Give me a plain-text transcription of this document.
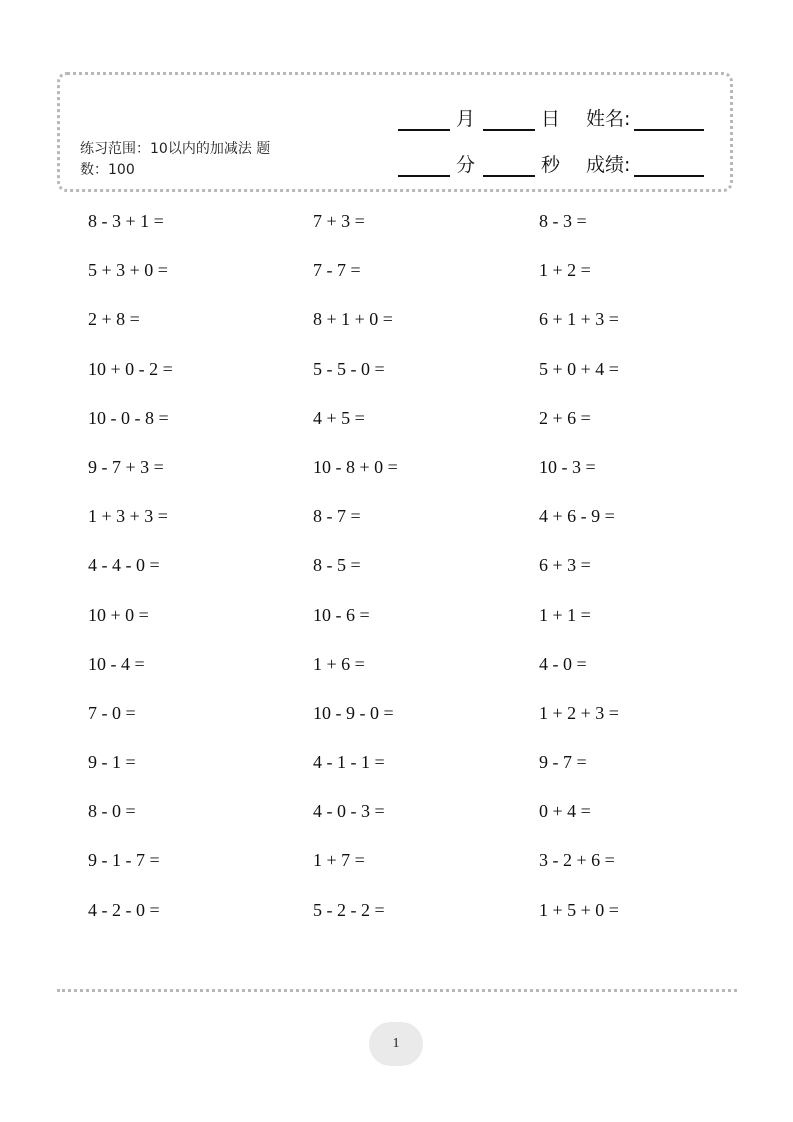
练习范围：10以内的加减法 题
数：100
月	日 姓名:
分	秒 成绩:
8 - 3 + 1 =	7 + 3 =	8 - 3 =
5 + 3 + 0 =	7 - 7 =	1 + 2 =
2 + 8 =	8 + 1 + 0 =	6 + 1 + 3 =
10 + 0 - 2 =	5 - 5 - 0 =	5 + 0 + 4 =
10 - 0 - 8 =	4 + 5 =	2 + 6 =
9 - 7 + 3 =	10 - 8 + 0 =	10 - 3 =
1 + 3 + 3 =	8 - 7 =	4 + 6 - 9 =
4 - 4 - 0 =	8 - 5 =	6 + 3 =
10 + 0 =	10 - 6 =	1 + 1 =
10 - 4 =	1 + 6 =	4 - 0 =
7 - 0 =	10 - 9 - 0 =	1 + 2 + 3 =
9 - 1 =	4 - 1 - 1 =	9 - 7 =
8 - 0 =	4 - 0 - 3 =	0 + 4 =
9 - 1 - 7 =	1 + 7 =	3 - 2 + 6 =
4 - 2 - 0 =	5 - 2 - 2 =	1 + 5 + 0 =
1
